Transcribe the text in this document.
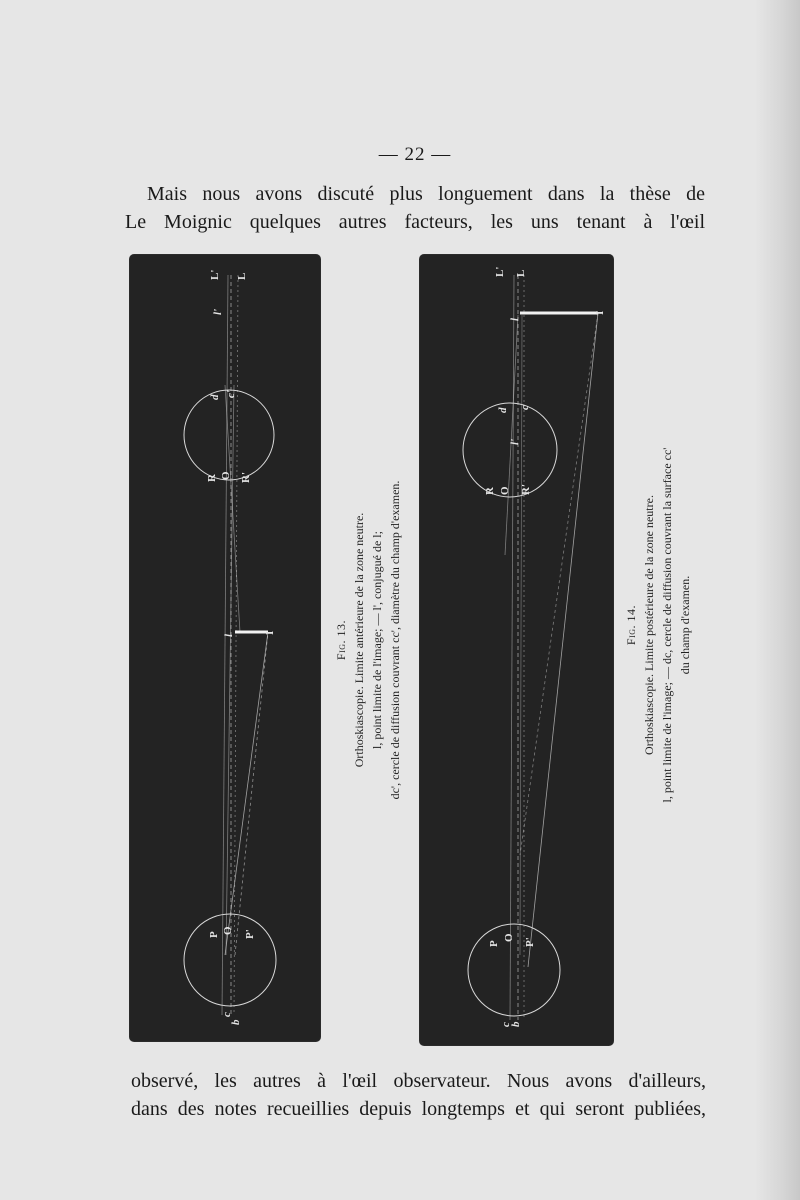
— 22 —
Mais nous avons discuté plus longuement dans la thèse de
Le Moignic quelques autres facteurs, les uns tenant à l'œil
L' L
l'
d c'
R O R'
l
I
P O P'
c
b
Fig. 13. Orthoskiascopie. Limite antérieure de la zone neutre. l, point limite de l'image; — l', conjugué de l; dc', cercle de diffusion couvrant cc', diamètre du champ d'examen.
L' L
l
I
d c
l'
R O R'
P
O P'
c
b
Fig. 14. Orthoskiascopie. Limite postérieure de la zone neutre. l, point limite de l'image; — dc, cercle de diffusion couvrant la surface cc' du champ d'examen.
observé, les autres à l'œil observateur. Nous avons d'ailleurs,
dans des notes recueillies depuis longtemps et qui seront publiées,
